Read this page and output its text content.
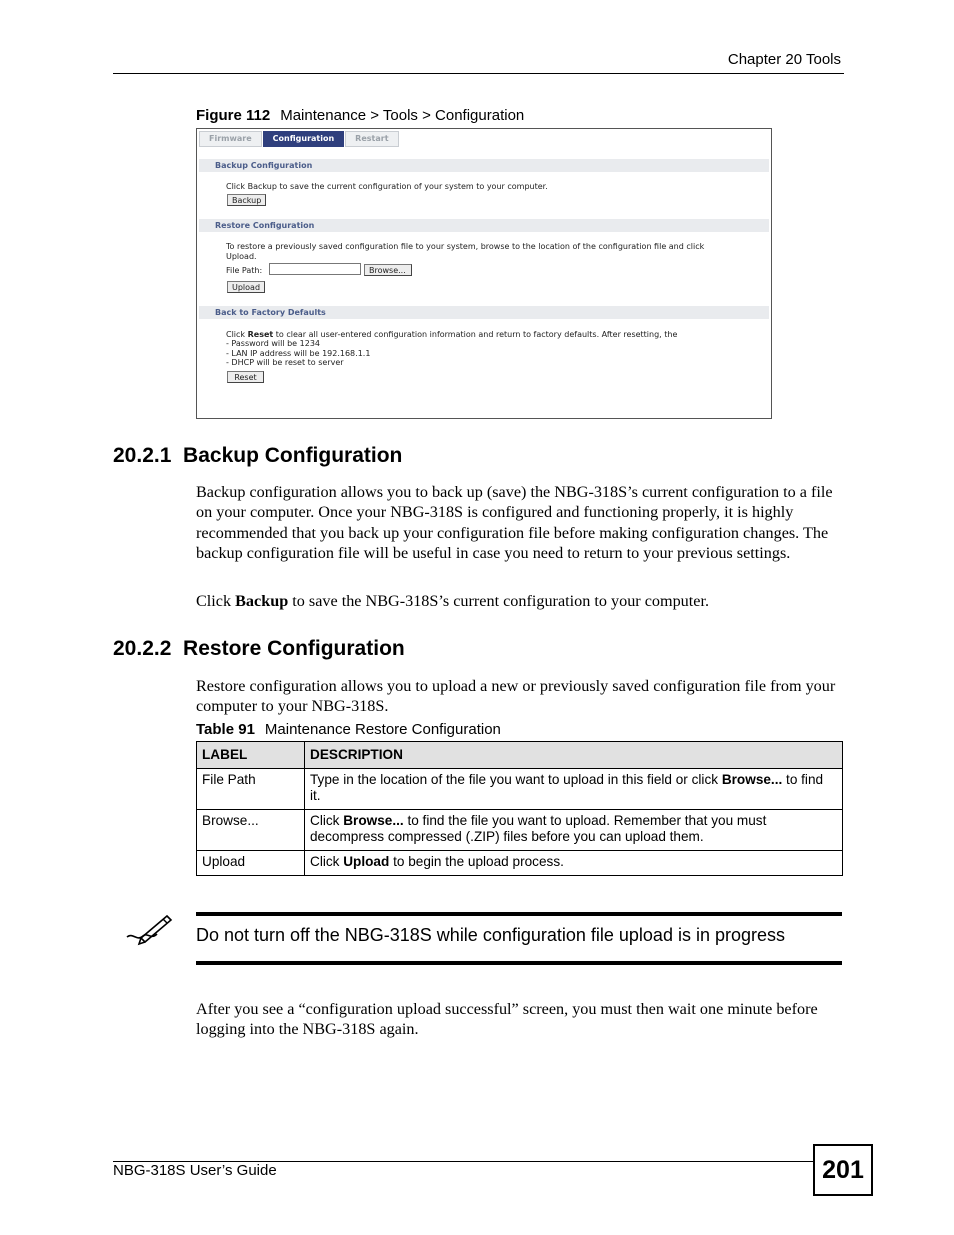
Chapter 20 Tools
Figure 112 Maintenance > Tools > Configuration
Firmware	Configuration	Restart
Backup Configuration
Click Backup to save the current configuration of your system to your computer.
Backup
Restore Configuration
To restore a previously saved configuration file to your system, browse to the location of the configuration file and click
Upload.
File Path:	Browse...
Upload
Back to Factory Defaults
Click Reset to clear all user-entered configuration information and return to factory defaults. After resetting, the
- Password will be 1234
- LAN IP address will be 192.168.1.1
- DHCP will be reset to server
Reset
20.2.1  Backup Configuration
Backup configuration allows you to back up (save) the NBG-318S’s current configuration to a file on your computer. Once your NBG-318S is configured and functioning properly, it is highly recommended that you back up your configuration file before making configuration changes. The backup configuration file will be useful in case you need to return to your previous settings.
Click Backup to save the NBG-318S’s current configuration to your computer.
20.2.2  Restore Configuration
Restore configuration allows you to upload a new or previously saved configuration file from your computer to your NBG-318S.
Table 91 Maintenance Restore Configuration
LABEL	DESCRIPTION
File Path	Type in the location of the file you want to upload in this field or click Browse... to find it.
Browse...	Click Browse... to find the file you want to upload. Remember that you must decompress compressed (.ZIP) files before you can upload them.
Upload	Click Upload to begin the upload process.
Do not turn off the NBG-318S while configuration file upload is in progress
After you see a “configuration upload successful” screen, you must then wait one minute before logging into the NBG-318S again.
NBG-318S User’s Guide	201
